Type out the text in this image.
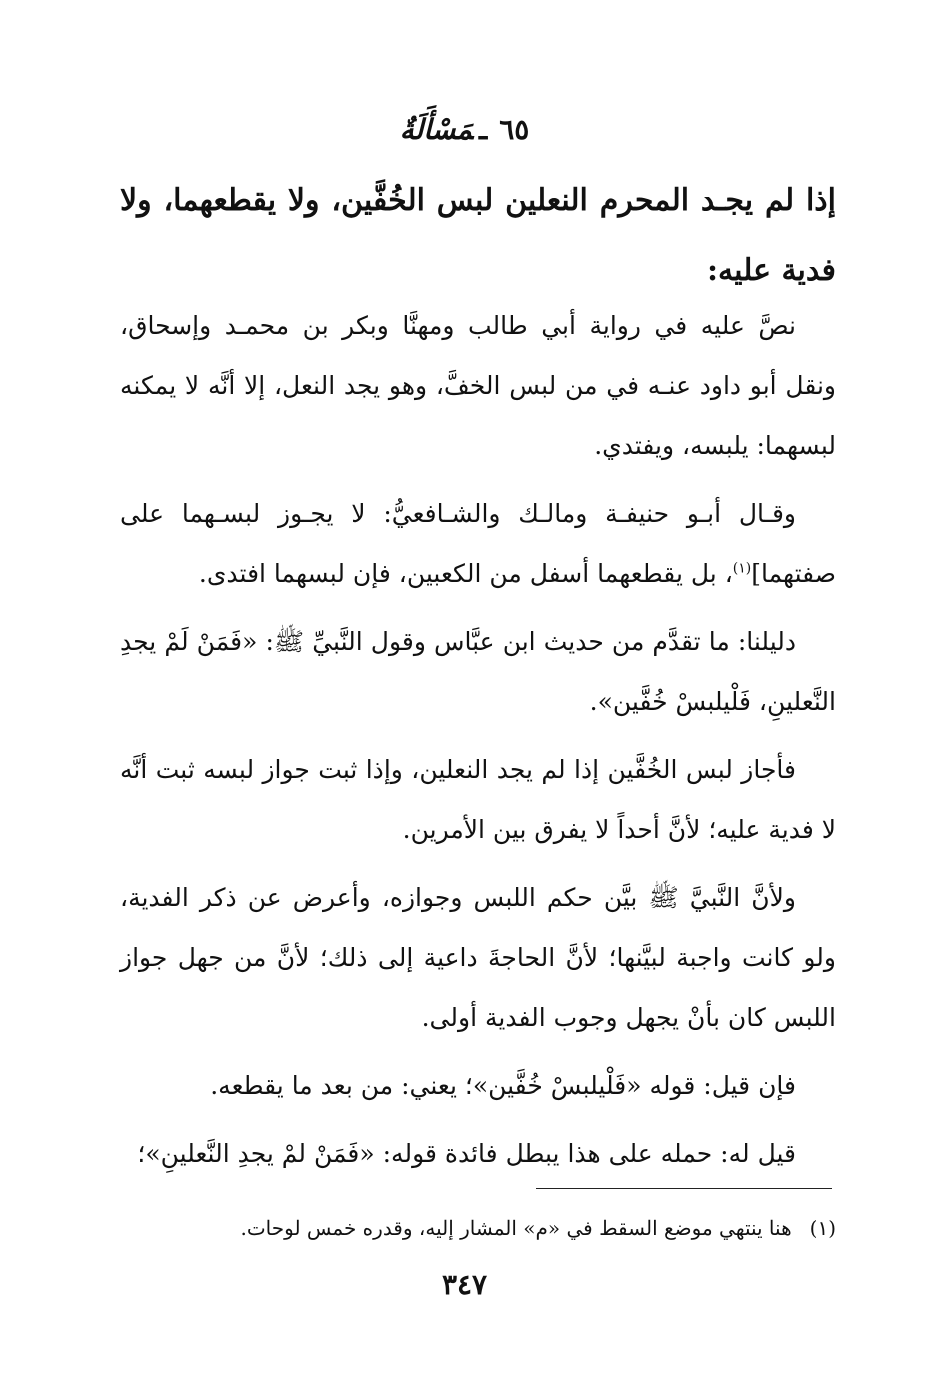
٦٥ـمَسْأَلَةٌ
إذا لم يجـد المحرم النعلين لبس الخُفَّين، ولا يقطعهما، ولا فدية عليه:

نصَّ عليه في رواية أبي طالب ومهنَّا وبكر بن محمـد وإسحاق، ونقل أبو داود عنـه في من لبس الخفَّ، وهو يجد النعل، إلا أنَّه لا يمكنه لبسهما: يلبسه، ويفتدي.

وقـال أبـو حنيفـة ومالـك والشـافعيُّ: لا يجـوز لبسـهما على صفتهما]$^{(١)}$، بل يقطعهما أسفل من الكعبين، فإن لبسهما افتدى.

دليلنا: ما تقدَّم من حديث ابن عبَّاس وقول النَّبيِّ ﷺ: «فَمَنْ لَمْ يجدِ النَّعلينِ، فَلْيلبسْ خُفَّين».

فأجاز لبس الخُفَّين إذا لم يجد النعلين، وإذا ثبت جواز لبسه ثبت أنَّه لا فدية عليه؛ لأنَّ أحداً لا يفرق بين الأمرين.

ولأنَّ النَّبيَّ ﷺ بيَّن حكم اللبس وجوازه، وأعرض عن ذكر الفدية، ولو كانت واجبة لبيَّنها؛ لأنَّ الحاجةَ داعية إلى ذلك؛ لأنَّ من جهل جواز اللبس كان بأنْ يجهل وجوب الفدية أولى.

فإن قيل: قوله «فَلْيلبسْ خُفَّين»؛ يعني: من بعد ما يقطعه.

قيل له: حمله على هذا يبطل فائدة قوله: «فَمَنْ لمْ يجدِ النَّعلينِ»؛

(١)هنا ينتهي موضع السقط في «م» المشار إليه، وقدره خمس لوحات.
٣٤٧
